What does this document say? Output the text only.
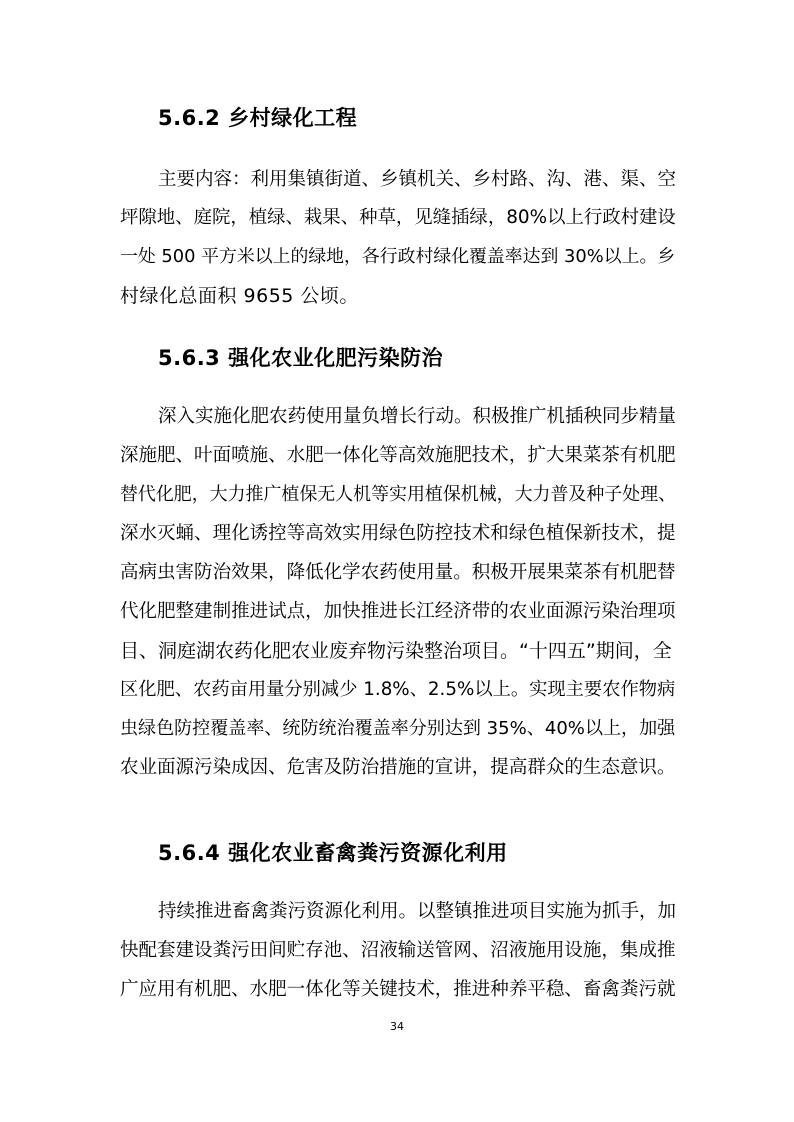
5.6.2 乡村绿化工程
主要内容：利用集镇街道、乡镇机关、乡村路、沟、港、渠、空
坪隙地、庭院，植绿、栽果、种草，见缝插绿，80%以上行政村建设
一处 500 平方米以上的绿地，各行政村绿化覆盖率达到 30%以上。乡
村绿化总面积 9655 公顷。
5.6.3 强化农业化肥污染防治
深入实施化肥农药使用量负增长行动。积极推广机插秧同步精量
深施肥、叶面喷施、水肥一体化等高效施肥技术，扩大果菜茶有机肥
替代化肥，大力推广植保无人机等实用植保机械，大力普及种子处理、
深水灭蛹、理化诱控等高效实用绿色防控技术和绿色植保新技术，提
高病虫害防治效果，降低化学农药使用量。积极开展果菜茶有机肥替
代化肥整建制推进试点，加快推进长江经济带的农业面源污染治理项
目、洞庭湖农药化肥农业废弃物污染整治项目。“十四五”期间，全
区化肥、农药亩用量分别减少 1.8%、2.5%以上。实现主要农作物病
虫绿色防控覆盖率、统防统治覆盖率分别达到 35%、40%以上，加强
农业面源污染成因、危害及防治措施的宣讲，提高群众的生态意识。
5.6.4 强化农业畜禽粪污资源化利用
持续推进畜禽粪污资源化利用。以整镇推进项目实施为抓手，加
快配套建设粪污田间贮存池、沼液输送管网、沼液施用设施，集成推
广应用有机肥、水肥一体化等关键技术，推进种养平稳、畜禽粪污就
34
